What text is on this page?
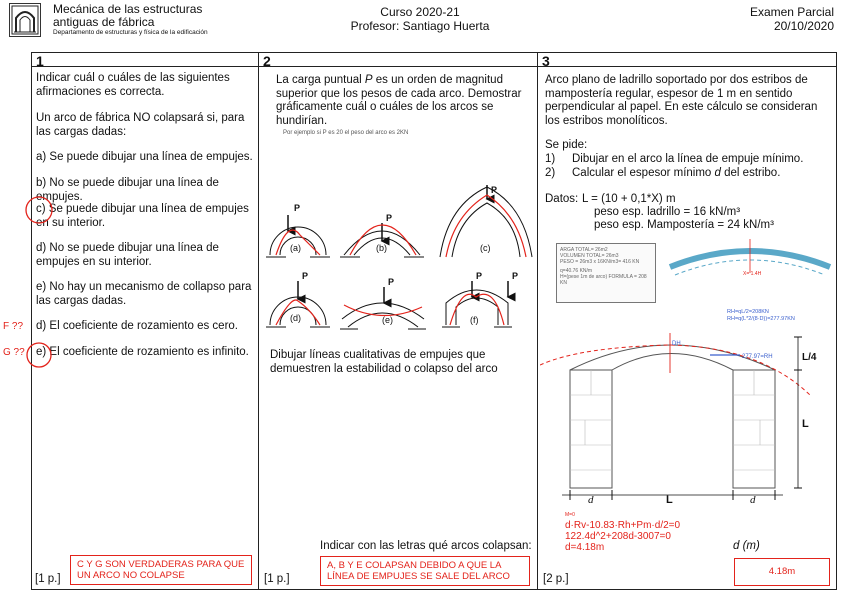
Mecánica de las estructuras
antiguas de fábrica
Departamento de estructuras y física de la edificación
Curso 2020-21
Profesor: Santiago Huerta
Examen Parcial
20/10/2020
1
Indicar cuál o cuáles de las siguientes afirmaciones es correcta.
Un arco de fábrica NO colapsará si, para las cargas dadas:
a) Se puede dibujar una línea de empujes.
b) No se puede dibujar una línea de empujes.
c) Se puede dibujar una línea de empujes en su interior.
d) No se puede dibujar una línea de empujes en su interior.
e) No hay un mecanismo de collapso para las cargas dadas.
d) El coeficiente de rozamiento es cero.
e) El coeficiente de rozamiento es infinito.
F ??
G ??
[1 p.]
C Y G SON VERDADERAS PARA QUE UN ARCO NO COLAPSE
2
La carga puntual P es un orden de magnitud superior que los pesos de cada arco. Demostrar gráficamente cuál o cuáles de los arcos se hundirían.
Por ejemplo si P es 20 el peso del arco es 2KN
P
P
P
P
P
P	P
(a)	(b)	(c)
(d)	(e)	(f)
Dibujar líneas cualitativas de empujes que demuestren la estabilidad o colapso del arco
Indicar con las letras qué arcos colapsan:
[1 p.]
A, B Y E COLAPSAN DEBIDO A QUE LA LÍNEA DE EMPUJES SE SALE DEL ARCO
3
Arco plano de ladrillo soportado por dos estribos de mampostería regular, espesor de 1 m en sentido perpendicular al papel. En este cálculo se consideran los estribos monolíticos.
Se pide:
1) Dibujar en el arco la línea de empuje mínimo.
2) Calcular el espesor mínimo d del estribo.
Datos: L = (10 + 0,1*X) m
peso esp. ladrillo = 16 kN/m³
peso esp. Mampostería = 24 kN/m³
ARGA TOTAL= 26m2
VOLUMEN TOTAL= 26m3
PESO = 26m3 x 16KN/m3= 416 KN
q=40.76 KN/m
H=(pese 1m de arco) FORMULA = 208 KN
X= 1.4H
RH=qL/2=208KN
RH=q(L*2/(8·D))=277.97KN
277.97=RH
DH
L/4
L
d	L	d
M=0
d·Rv-10.83·Rh+Pm·d/2=0
122.4d^2+208d-3007=0
d=4.18m	d (m)
[2 p.]
4.18m
